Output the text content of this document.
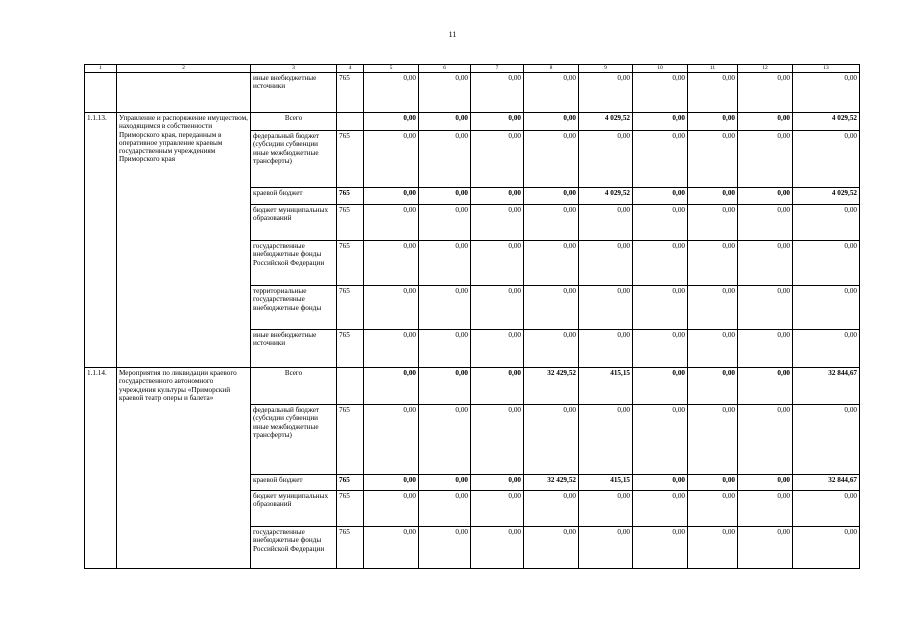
11
1	2	3	4	5	6	7	8	9	10	11	12	13
		иные внебюджетные источники	765	0,00	0,00	0,00	0,00	0,00	0,00	0,00	0,00	0,00
1.1.13.	Управление и распоряжение имуществом, находящимся в собственности Приморского края, переданным в оперативное управление краевым государственным учреждениям Приморского края	Всего		0,00	0,00	0,00	0,00	4 029,52	0,00	0,00	0,00	4 029,52
		федеральный бюджет (субсидии субвенции иные межбюджетные трансферты)	765	0,00	0,00	0,00	0,00	0,00	0,00	0,00	0,00	0,00
		краевой бюджет	765	0,00	0,00	0,00	0,00	4 029,52	0,00	0,00	0,00	4 029,52
		бюджет муниципальных образований	765	0,00	0,00	0,00	0,00	0,00	0,00	0,00	0,00	0,00
		государственные внебюджетные фонды Российской Федерации	765	0,00	0,00	0,00	0,00	0,00	0,00	0,00	0,00	0,00
		территориальные государственные внебюджетные фонды	765	0,00	0,00	0,00	0,00	0,00	0,00	0,00	0,00	0,00
		иные внебюджетные источники	765	0,00	0,00	0,00	0,00	0,00	0,00	0,00	0,00	0,00
1.1.14.	Мероприятия по ликвидации краевого государственного автономного учреждения культуры «Приморский краевой театр оперы и балета»	Всего		0,00	0,00	0,00	32 429,52	415,15	0,00	0,00	0,00	32 844,67
		федеральный бюджет (субсидии субвенции иные межбюджетные трансферты)	765	0,00	0,00	0,00	0,00	0,00	0,00	0,00	0,00	0,00
		краевой бюджет	765	0,00	0,00	0,00	32 429,52	415,15	0,00	0,00	0,00	32 844,67
		бюджет муниципальных образований	765	0,00	0,00	0,00	0,00	0,00	0,00	0,00	0,00	0,00
		государственные внебюджетные фонды Российской Федерации	765	0,00	0,00	0,00	0,00	0,00	0,00	0,00	0,00	0,00
